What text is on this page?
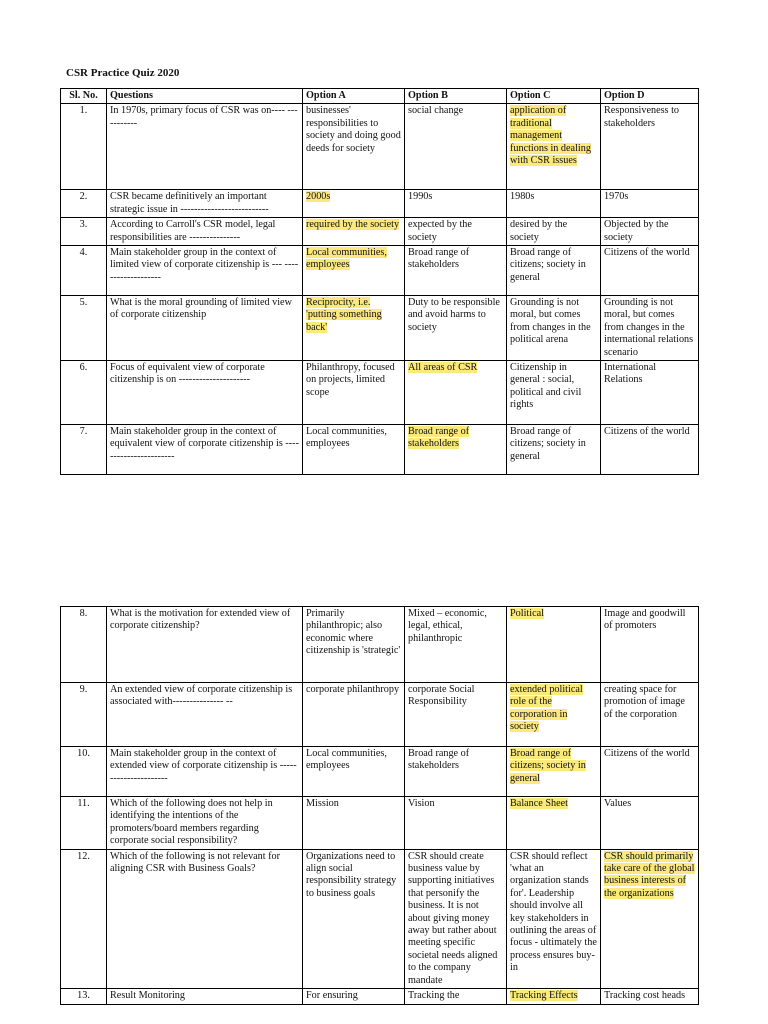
CSR Practice Quiz 2020
Sl. No.	Questions	Option A	Option B	Option C	Option D
1.	In 1970s, primary focus of CSR was on---- -----------	businesses' responsibilities to society and doing good deeds for society	social change	application of traditional management functions in dealing with CSR issues	Responsiveness to stakeholders
2.	CSR became definitively an important strategic issue in --------------------------	2000s	1990s	1980s	1970s
3.	According to Carroll's CSR model, legal responsibilities are ---------------	required by the society	expected by the society	desired by the society	Objected by the society
4.	Main stakeholder group in the context of limited view of corporate citizenship is --- -------------------	Local communities, employees	Broad range of stakeholders	Broad range of citizens; society in general	Citizens of the world
5.	What is the moral grounding of limited view of corporate citizenship	Reciprocity, i.e. 'putting something back'	Duty to be responsible and avoid harms to society	Grounding is not moral, but comes from changes in the political arena	Grounding is not moral, but comes from changes in the international relations scenario
6.	Focus of equivalent view of corporate citizenship is on ---------------------	Philanthropy, focused on projects, limited scope	All areas of CSR	Citizenship in general : social, political and civil rights	International Relations
7.	Main stakeholder group in the context of equivalent view of corporate citizenship is -----------------------	Local communities, employees	Broad range of stakeholders	Broad range of citizens; society in general	Citizens of the world
8.	What is the motivation for extended view of corporate citizenship?	Primarily philanthropic; also economic where citizenship is 'strategic'	Mixed – economic, legal, ethical, philanthropic	Political	Image and goodwill of promoters
9.	An extended view of corporate citizenship is associated with--------------- --	corporate philanthropy	corporate Social Responsibility	extended political role of the corporation in society	creating space for promotion of image of the corporation
10.	Main stakeholder group in the context of extended view of corporate citizenship is ----------------------	Local communities, employees	Broad range of stakeholders	Broad range of citizens; society in general	Citizens of the world
11.	Which of the following does not help in identifying the intentions of the promoters/board members regarding corporate social responsibility?	Mission	Vision	Balance Sheet	Values
12.	Which of the following is not relevant for aligning CSR with Business Goals?	Organizations need to align social responsibility strategy to business goals	CSR should create business value by supporting initiatives that personify the business. It is not about giving money away but rather about meeting specific societal needs aligned to the company mandate	CSR should reflect 'what an organization stands for'. Leadership should involve all key stakeholders in outlining the areas of focus - ultimately the process ensures buy-in	CSR should primarily take care of the global business interests of the organizations
13.	Result Monitoring	For ensuring	Tracking the	Tracking Effects	Tracking cost heads
